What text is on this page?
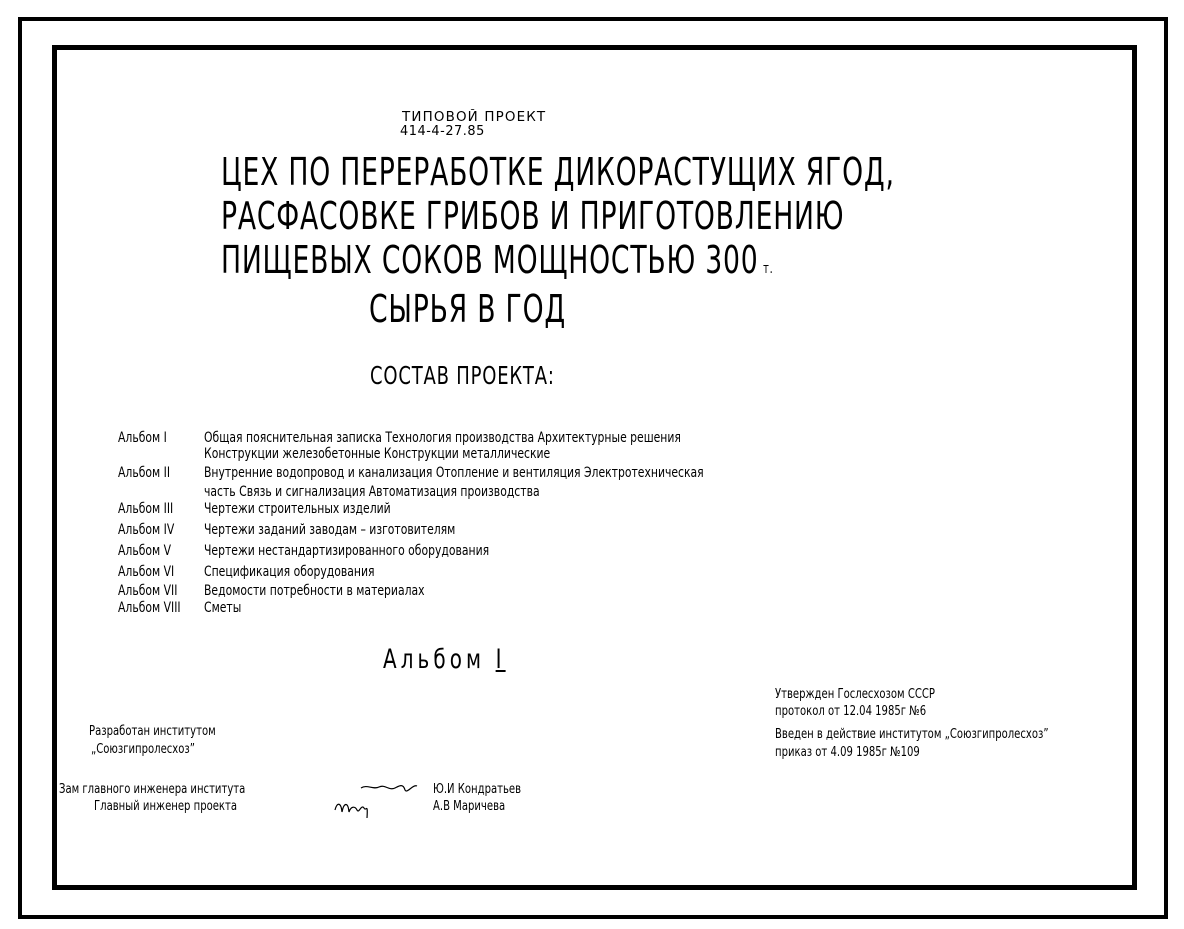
ТИПОВОЙ ПРОЕКТ
414-4-27.85
ЦЕХ ПО ПЕРЕРАБОТКЕ ДИКОРАСТУЩИХ ЯГОД,
РАСФАСОВКЕ ГРИБОВ И ПРИГОТОВЛЕНИЮ
ПИЩЕВЫХ СОКОВ МОЩНОСТЬЮ 300 т.
СЫРЬЯ В ГОД
СОСТАВ ПРОЕКТА:
Альбом I	Общая пояснительная записка Технология производства Архитектурные решения
Конструкции железобетонные Конструкции металлические
Альбом II Внутренние водопровод и канализация Отопление и вентиляция Электротехническая
часть Связь и сигнализация Автоматизация производства
Альбом III Чертежи строительных изделий
Альбом IV Чертежи заданий заводам – изготовителям
Альбом V Чертежи нестандартизированного оборудования
Альбом VI Спецификация оборудования
Альбом VII Ведомости потребности в материалах
Альбом VIII Сметы
Альбом I
Разработан институтом
„Союзгипролесхоз”
Утвержден Гослесхозом СССР
протокол от 12.04 1985г №6
Введен в действие институтом „Союзгипролесхоз”
приказ от 4.09 1985г №109
Зам главного инженера института
Главный инженер проекта
Ю.И Кондратьев
А.В Маричева
